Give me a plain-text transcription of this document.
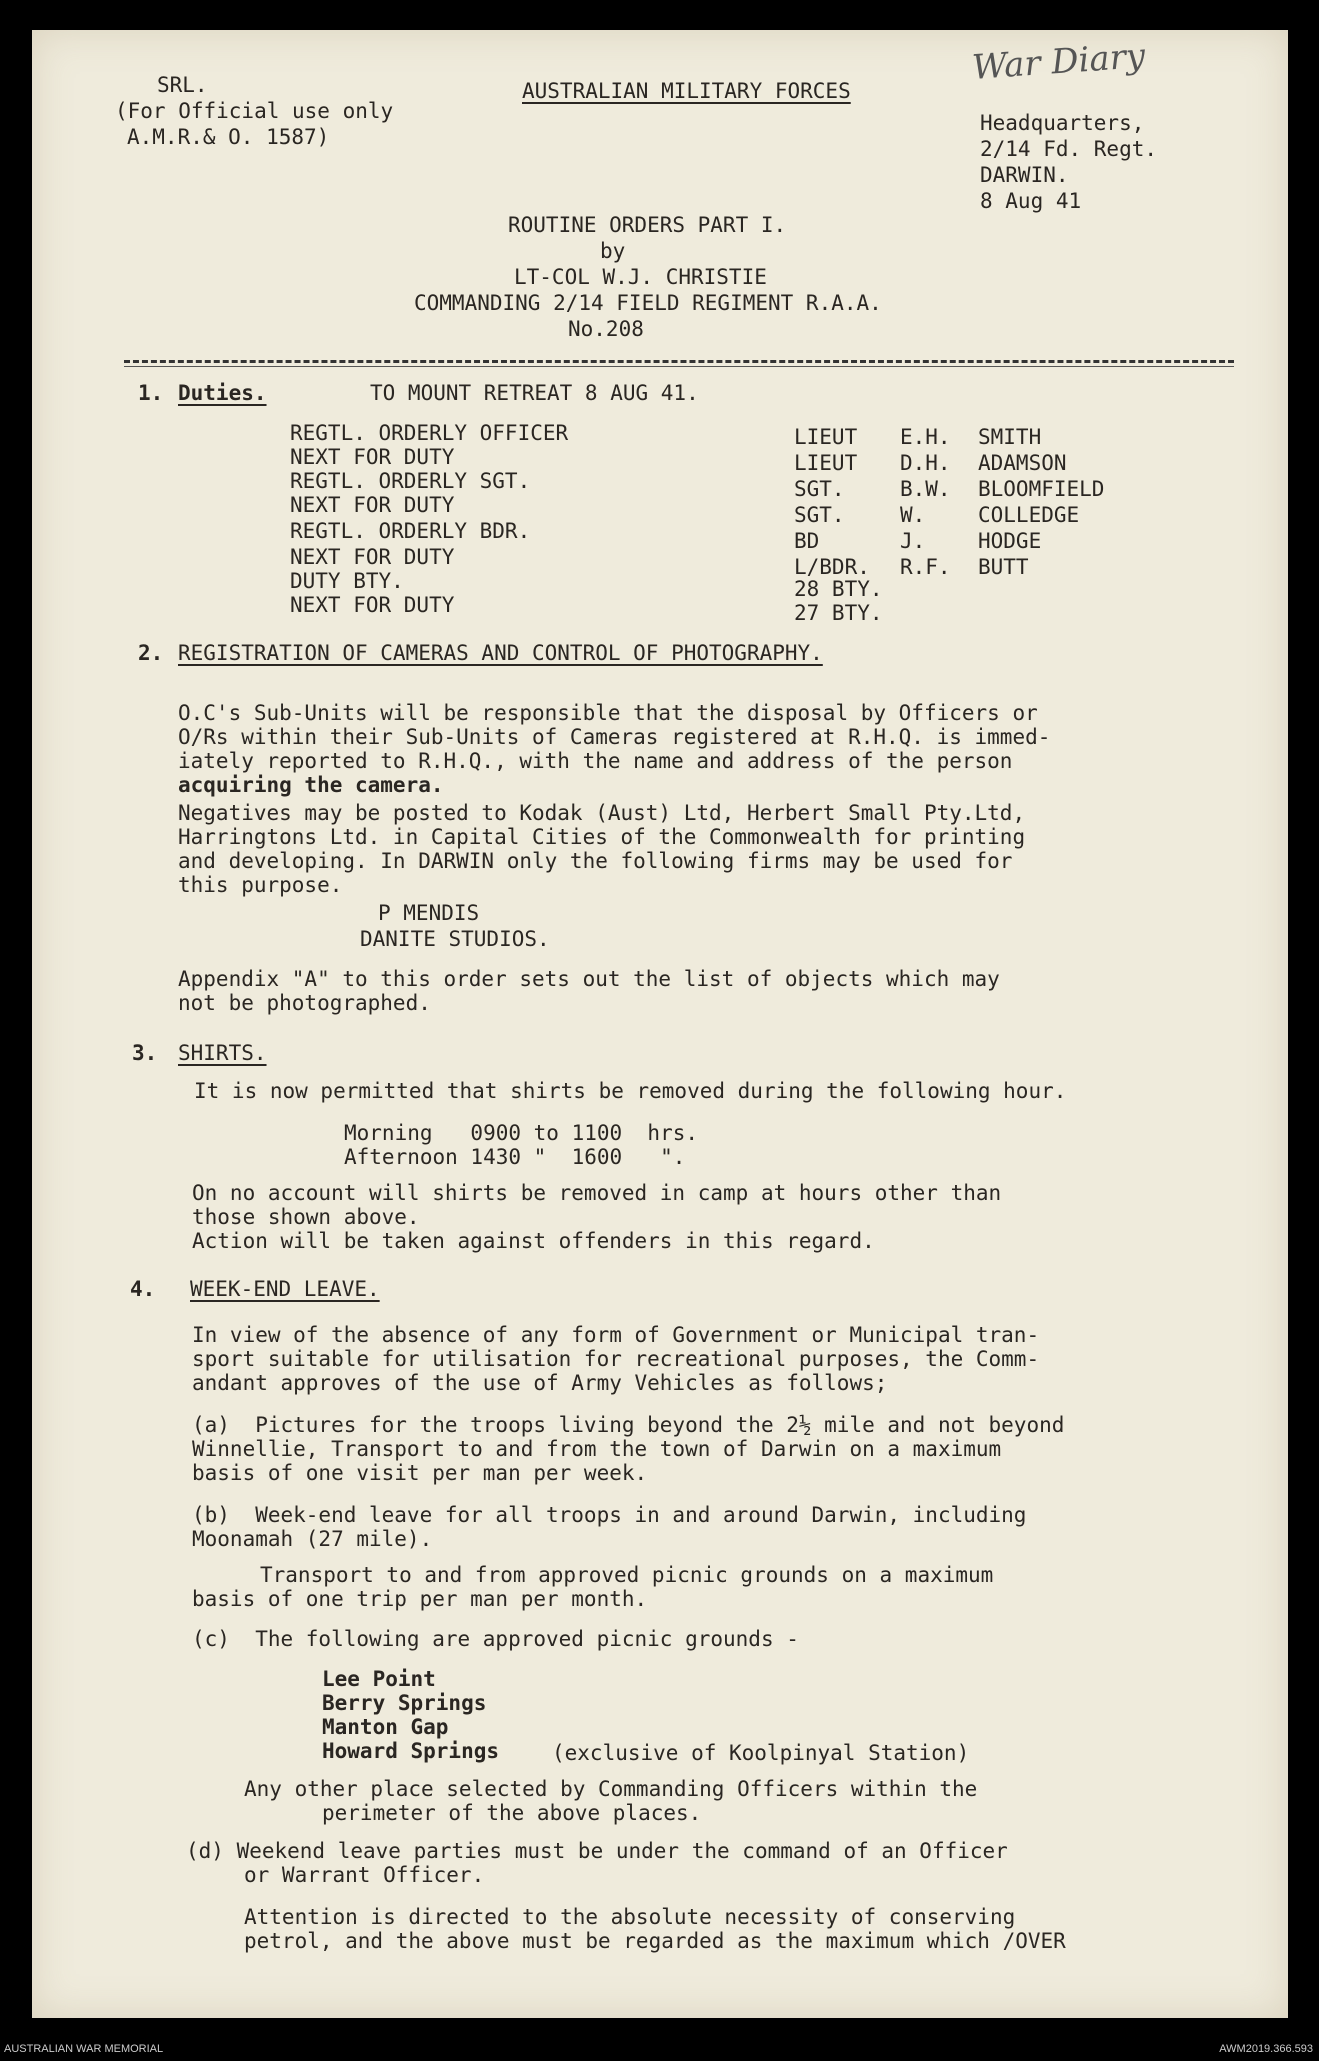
SRL.
(For Official use only
A.M.R.& O. 1587)
AUSTRALIAN MILITARY FORCES
War Diary
Headquarters,
2/14 Fd. Regt.
DARWIN.
8 Aug 41
ROUTINE ORDERS PART I.
by
LT-COL W.J. CHRISTIE
COMMANDING 2/14 FIELD REGIMENT R.A.A.
No.208
1. Duties.	TO MOUNT RETREAT 8 AUG 41.
REGTL. ORDERLY OFFICER	LIEUT E.H. SMITH
NEXT FOR DUTY	LIEUT D.H. ADAMSON
REGTL. ORDERLY SGT.	SGT.	B.W. BLOOMFIELD
NEXT FOR DUTY	SGT.	W.	COLLEDGE
REGTL. ORDERLY BDR.	BD	J.	HODGE
NEXT FOR DUTY	L/BDR. R.F. BUTT
DUTY BTY.	28 BTY.
NEXT FOR DUTY	27 BTY.
2. REGISTRATION OF CAMERAS AND CONTROL OF PHOTOGRAPHY.
O.C's Sub-Units will be responsible that the disposal by Officers or
O/Rs within their Sub-Units of Cameras registered at R.H.Q. is immed-
iately reported to R.H.Q., with the name and address of the person
acquiring the camera.
Negatives may be posted to Kodak (Aust) Ltd, Herbert Small Pty.Ltd,
Harringtons Ltd. in Capital Cities of the Commonwealth for printing
and developing. In DARWIN only the following firms may be used for
this purpose.
P MENDIS
DANITE STUDIOS.
Appendix "A" to this order sets out the list of objects which may
not be photographed.
3. SHIRTS.
It is now permitted that shirts be removed during the following hour.
Morning   0900 to 1100  hrs.
Afternoon 1430 "  1600   ".
On no account will shirts be removed in camp at hours other than
those shown above.
Action will be taken against offenders in this regard.
4. WEEK-END LEAVE.
In view of the absence of any form of Government or Municipal tran-
sport suitable for utilisation for recreational purposes, the Comm-
andant approves of the use of Army Vehicles as follows;
(a)  Pictures for the troops living beyond the 2½ mile and not beyond
Winnellie, Transport to and from the town of Darwin on a maximum
basis of one visit per man per week.
(b)  Week-end leave for all troops in and around Darwin, including
Moonamah (27 mile).
Transport to and from approved picnic grounds on a maximum
basis of one trip per man per month.
(c)  The following are approved picnic grounds -
Lee Point
Berry Springs
Manton Gap
Howard Springs	(exclusive of Koolpinyal Station)
Any other place selected by Commanding Officers within the
perimeter of the above places.
(d) Weekend leave parties must be under the command of an Officer
or Warrant Officer.
Attention is directed to the absolute necessity of conserving
petrol, and the above must be regarded as the maximum which /OVER
AUSTRALIAN WAR MEMORIAL	AWM2019.366.593
